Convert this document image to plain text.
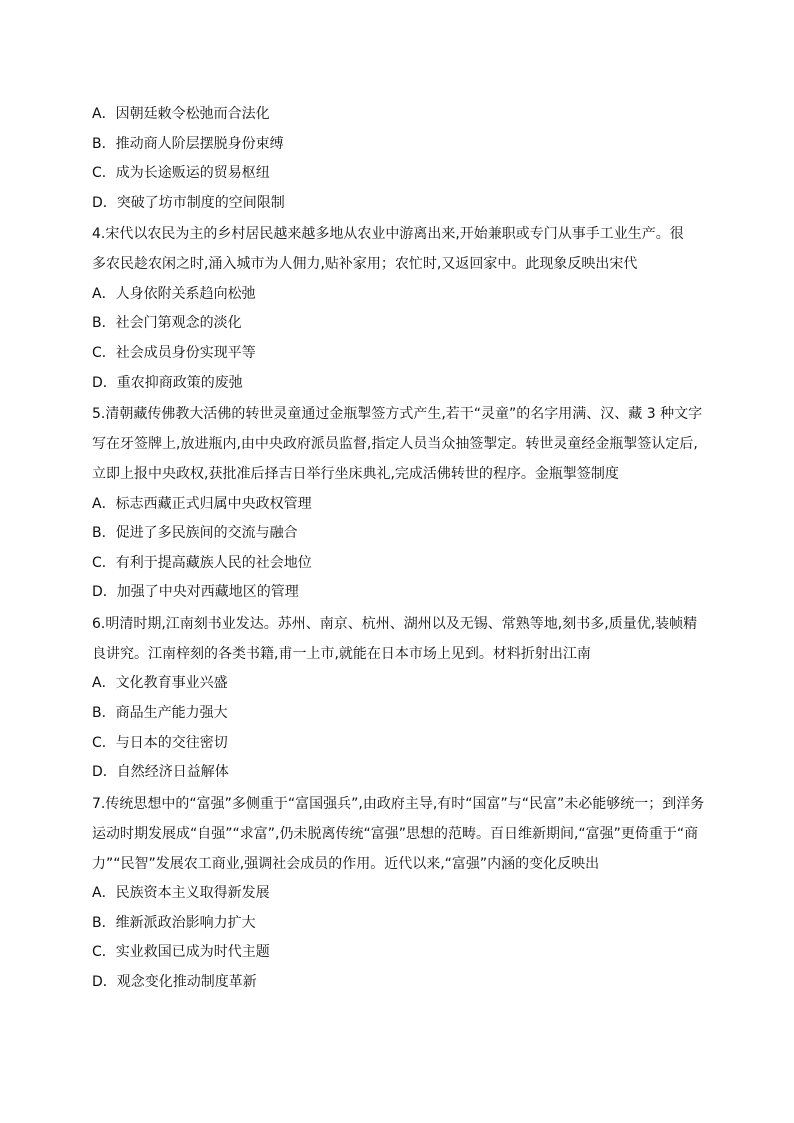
A．因朝廷敕令松弛而合法化
B．推动商人阶层摆脱身份束缚
C．成为长途贩运的贸易枢纽
D．突破了坊市制度的空间限制
4.宋代以农民为主的乡村居民越来越多地从农业中游离出来,开始兼职或专门从事手工业生产。很
多农民趁农闲之时,涌入城市为人佣力,贴补家用；农忙时,又返回家中。此现象反映出宋代
A．人身依附关系趋向松弛
B．社会门第观念的淡化
C．社会成员身份实现平等
D．重农抑商政策的废弛
5.清朝藏传佛教大活佛的转世灵童通过金瓶掣签方式产生,若干“灵童”的名字用满、汉、藏 3 种文字
写在牙签牌上,放进瓶内,由中央政府派员监督,指定人员当众抽签掣定。转世灵童经金瓶掣签认定后,
立即上报中央政权,获批准后择吉日举行坐床典礼,完成活佛转世的程序。金瓶掣签制度
A．标志西藏正式归属中央政权管理
B．促进了多民族间的交流与融合
C．有利于提高藏族人民的社会地位
D．加强了中央对西藏地区的管理
6.明清时期,江南刻书业发达。苏州、南京、杭州、湖州以及无锡、常熟等地,刻书多,质量优,装帧精
良讲究。江南梓刻的各类书籍,甫一上市,就能在日本市场上见到。材料折射出江南
A．文化教育事业兴盛
B．商品生产能力强大
C．与日本的交往密切
D．自然经济日益解体
7.传统思想中的“富强”多侧重于“富国强兵”,由政府主导,有时“国富”与“民富”未必能够统一；到洋务
运动时期发展成“自强”“求富”,仍未脱离传统“富强”思想的范畴。百日维新期间,“富强”更倚重于“商
力”“民智”发展农工商业,强调社会成员的作用。近代以来,“富强”内涵的变化反映出
A．民族资本主义取得新发展
B．维新派政治影响力扩大
C．实业救国已成为时代主题
D．观念变化推动制度革新
